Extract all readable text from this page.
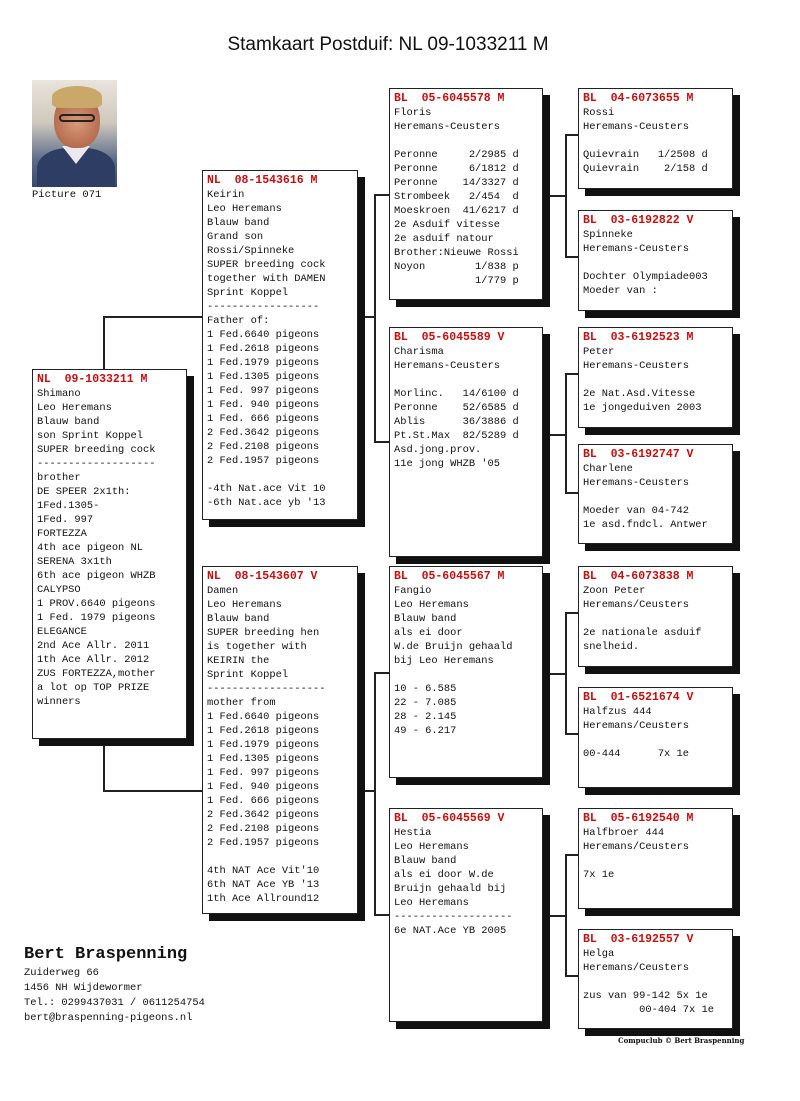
Stamkaart Postduif: NL 09-1033211 M
Picture 071
NL  09-1033211 M
Shimano
Leo Heremans
Blauw band
son Sprint Koppel
SUPER breeding cock
-------------------
brother
DE SPEER 2x1th:
1Fed.1305-
1Fed. 997
FORTEZZA
4th ace pigeon NL
SERENA 3x1th
6th ace pigeon WHZB
CALYPSO
1 PROV.6640 pigeons
1 Fed. 1979 pigeons
ELEGANCE
2nd Ace Allr. 2011
1th Ace Allr. 2012
ZUS FORTEZZA,mother
a lot op TOP PRIZE
winners
NL  08-1543616 M
Keirin
Leo Heremans
Blauw band
Grand son
Rossi/Spinneke
SUPER breeding cock
together with DAMEN
Sprint Koppel
------------------
Father of:
1 Fed.6640 pigeons
1 Fed.2618 pigeons
1 Fed.1979 pigeons
1 Fed.1305 pigeons
1 Fed. 997 pigeons
1 Fed. 940 pigeons
1 Fed. 666 pigeons
2 Fed.3642 pigeons
2 Fed.2108 pigeons
2 Fed.1957 pigeons
-4th Nat.ace Vit 10
-6th Nat.ace yb '13
NL  08-1543607 V
Damen
Leo Heremans
Blauw band
SUPER breeding hen
is together with
KEIRIN the
Sprint Koppel
-------------------
mother from
1 Fed.6640 pigeons
1 Fed.2618 pigeons
1 Fed.1979 pigeons
1 Fed.1305 pigeons
1 Fed. 997 pigeons
1 Fed. 940 pigeons
1 Fed. 666 pigeons
2 Fed.3642 pigeons
2 Fed.2108 pigeons
2 Fed.1957 pigeons
4th NAT Ace Vit'10
6th NAT Ace YB '13
1th Ace Allround12
BL  05-6045578 M
Floris
Heremans-Ceusters
Peronne     2/2985 d
Peronne     6/1812 d
Peronne    14/3327 d
Strombeek   2/454  d
Moeskroen  41/6217 d
2e Asduif vitesse
2e asduif natour
Brother:Nieuwe Rossi
Noyon        1/838 p
1/779 p
BL  05-6045589 V
Charisma
Heremans-Ceusters
Morlinc.   14/6100 d
Peronne    52/6585 d
Ablis      36/3886 d
Pt.St.Max  82/5289 d
Asd.jong.prov.
11e jong WHZB '05
BL  05-6045567 M
Fangio
Leo Heremans
Blauw band
als ei door
W.de Bruijn gehaald
bij Leo Heremans
10 - 6.585
22 - 7.085
28 - 2.145
49 - 6.217
BL  05-6045569 V
Hestia
Leo Heremans
Blauw band
als ei door W.de
Bruijn gehaald bij
Leo Heremans
-------------------
6e NAT.Ace YB 2005
BL  04-6073655 M
Rossi
Heremans-Ceusters
Quievrain   1/2508 d
Quievrain    2/158 d
BL  03-6192822 V
Spinneke
Heremans-Ceusters
Dochter Olympiade003
Moeder van :
BL  03-6192523 M
Peter
Heremans-Ceusters
2e Nat.Asd.Vitesse
1e jongeduiven 2003
BL  03-6192747 V
Charlene
Heremans-Ceusters
Moeder van 04-742
1e asd.fndcl. Antwer
BL  04-6073838 M
Zoon Peter
Heremans/Ceusters
2e nationale asduif
snelheid.
BL  01-6521674 V
Halfzus 444
Heremans/Ceusters
00-444      7x 1e
BL  05-6192540 M
Halfbroer 444
Heremans/Ceusters
7x 1e
BL  03-6192557 V
Helga
Heremans/Ceusters
zus van 99-142 5x 1e
00-404 7x 1e
Bert Braspenning
Zuiderweg 66
1456 NH Wijdewormer
Tel.: 0299437031 / 0611254754
bert@braspenning-pigeons.nl
Compuclub © Bert Braspenning
